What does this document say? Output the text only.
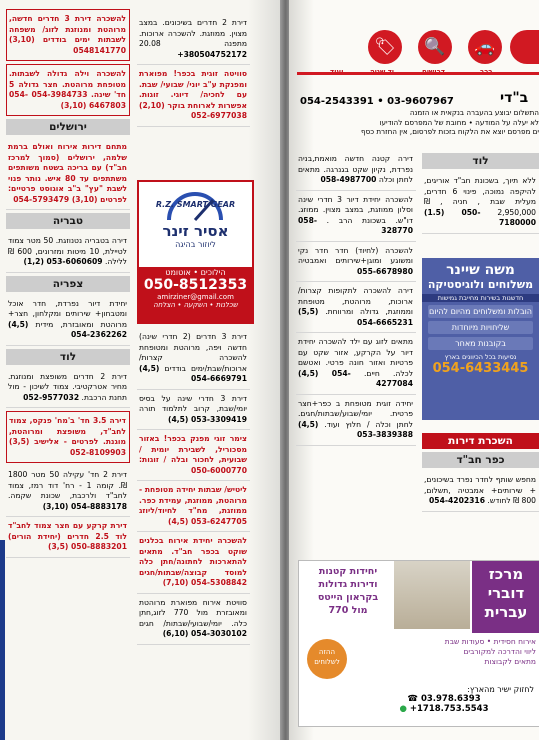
להשכרה דירת 3 חדרים חדשה, מרוהטת ומנוזגת לזוג/ משפחה לשבתות ימים בודדים (3,10) 0548141770
להשכרה וילה גדולה לשבתות. מטופחת מרוהטת. חצר גדולה 5 חד' שינה. 054-3984733 054-6467803 (3,10)
ירושלים
מתחם דירות אירוח ואולם ברמת שלמה, ירושלים (סמוך למרכז חב"ד) עם בריכה בשטח משותפים משתתפים עד 80 איש. נותר פנוי לשבת "עץ" ב"ב אוגוסט פרטיים: לפרטים 054-5793479 (3,10)
טבריה
דירה בטבריה נטנוזגת. 50 מטר צמוד לטיילת, 10 מיטות ומזרונים, 600 ₪ ללילה. (1,2) 053-6060609
צפריה
יחידת דיור נפרדת, חדר אוכל ומטבחון+ שירותים ומקלחון, חצר+ מרוהטת ומאובזרת, מידית (4,5) 054-2362262
לוד
דירת 2 חדרים משופצת ומנוזגת. מחיר אטרקטיבי. צמוד לשיכון - מול תחנת הרכבת. 052-9577032
דירה 3.5 חד' ב'מח' פנקס, צמוד לחב"ד, משופצת ומרוהטת, מוגנת. לפרטים - אלישיב (3,5) 052-8109903
דירת 2 חד' עקילה 50 מטר 1800 ₪. קומה 1 - רח' דוד רמז, צמוד לחב"ד ולרכבת, שכונת שקמה. (3,10) 054-8883178
דירת קרקע עם חצר צמוד לחב"ד לוד 2.5 חדרים (יחידת הורים) (3,5) 050-8883201
דירת 2 חדרים בשיכונים. במצב מצוין. ממוזגת. להשכרה ארוכות. מתפנה 20.08 +380504752172
סוויטה זוגית בכפר! מפוארת ומפנקת ע"ב יוני/ שבועי/ שבת. עם לחכיה/ דיוגי. זוגות. אפשרות לארוחת בוקר (2,10) 052-6977038
R.Z. SMART GEAR
אסיר זינר
ליוזור בהיגה
הילוכים • אוטומט
050-8512353
amirziner@gmail.com
שכלנות • השקעה • הצלחה
דירת 3 חדרים (2 חדרי שינה) חדשה ויפה, מרוהטת ומטופחת להשכרה קצרות/ ארוכות/שבת/ימים בודדים (4,5) 054-6669791
דירת 3 חדרי שינה על בסיס יומי/שבת, קרוב לתלמוד תורה (4,5) 053-3309419
צימר זוגי מפנק בכפר! באזור מסכוריל, לשבירת יומית / שבועית, לחכור ובלה / זוגות: 050-6000770
ליטיש/ שבתות יחידה מטופחת - מרוהטת, ממוזגת, עמידת כפר. ממוזגת, מח"ד לחיוד/ליוזג (4,5) 053-6247705
להשכרה יחידת אירוח בכלנים שוקט בכפר חב"ד. מתאים להתארכות לחתונה/חתן כלה למוסד קבוצה/שבתות/חגים (7,10) 054-5308842
סוויטת אירוח מפוארת מרוהטת ומאובזרת מול 770 לזוג,חתן כלה. יומי/שבועי/שבתות/ חגים (6,10) 054-3030102
🚗
🔍
🏷
ב"די
054-2543391 • 03-9607967
התשלום יבוצע בהעברה בנקאית או הזמנה
לא יעלה על המודעה • מחובת של המפרסם להודיעו
ים מפרסם יוצא את הלקוח בזכות לפרסום, אין החזרת כסף
דירה קטנה חדשה מואמת,בניה נפרדת, נקיון שקט בגנרגה. מתאים לחתן וכלה 058-4987700
להשכרה יחידת דיור 3 חדרי שינה וסלון ממוזגת, במצב מצוין. ממוזג. דו"ש. בשכונת הרב . 058-328770
להשכרה (לחיוד) חדר חדר נקי ומשוגע ומוגן+שירותים ואמבטיה 055-6678980
דירה להשכרה לתקופות קצרות/ ארוכות, מרוהטת, מטופחת וממוזגת, גדולה ומרווחת. (5,5) 054-6665231
מתאים לזוג עם ילד להשכרה יחידת דיור על הקרקע, אזור שקט עם פרטיות ואזור חונה פרטי. ואטשם לכלה. חיים. (4,5) 054-4277084
יחידה זוגית מטופחת ב כפר+חצר פרטית. יומי/שבוע/שבתות/חגים. לחתן וכלה / חלוץ ועוד. (4,5) 053-3839388
לוד
ללא תיוך, בשכונת חב"ד אוריגים, להיקפה נמוכה, פינוי 6 חדרים, מעלית שבת , חניה , ₪ 2,950,000 (1.5) 050-7180000
משה שיינר
משלוחים ולוגיסטיקה
חדשנות בשירות מחייבת גמישות
הובלות ומשלוחים מהיום להיום
שליחויות מיוחדות
בקובנות מאחר
נסיעות בכל הכיוונים בארץ
054-6433445
השכרת דירות
כפר חב"ד
מחפש שותף לחדר נפרד בשיכונים, + שירותים+ אמבטיה ,תשלום, 800 ₪ לחודש. 054-4202316
מרכז דוברי עברית
יחידות קטנות
ודירות גדולות
בקראון הייטס
מול 770
אירוח חסידית • סעודות שבת
ליווי והדרכה למקורבים
מתאים לקבוצות
ההזה לשלוחים
לחזוק ישיר מהארץ:
☎ 03.978.6393
● +1718.753.5543
